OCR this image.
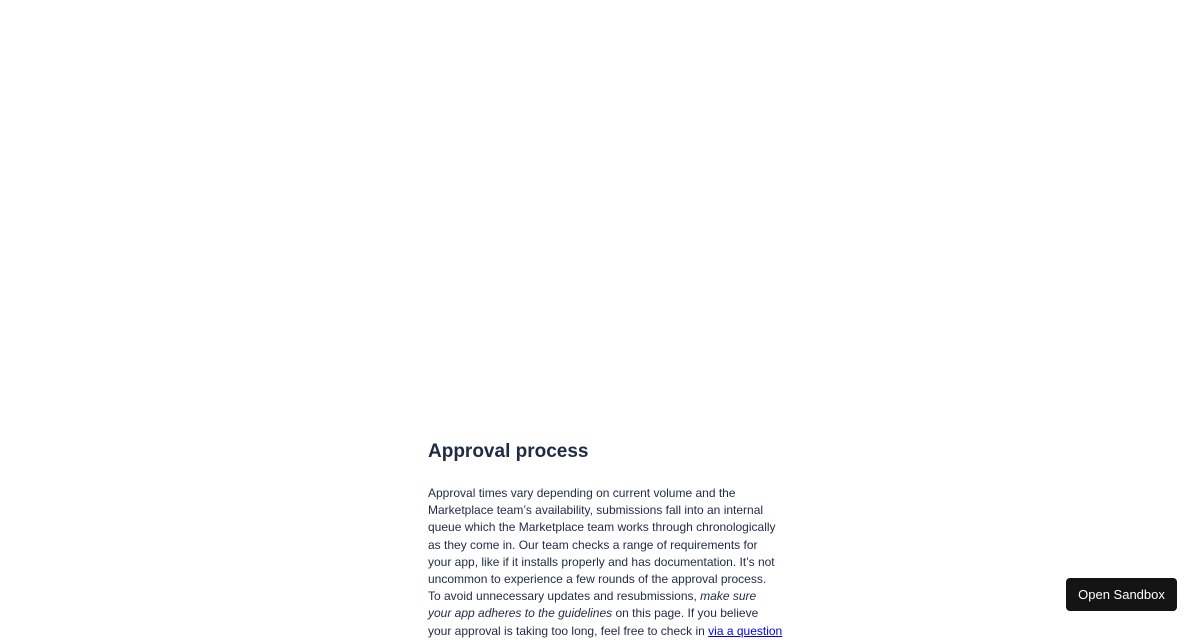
Approval process

Approval times vary depending on current volume and the
Marketplace team’s availability, submissions fall into an internal
queue which the Marketplace team works through chronologically
as they come in. Our team checks a range of requirements for
your app, like if it installs properly and has documentation. It’s not
uncommon to experience a few rounds of the approval process.
To avoid unnecessary updates and resubmissions, make sure
your app adheres to the guidelines on this page. If you believe
your approval is taking too long, feel free to check in via a question

Open Sandbox
